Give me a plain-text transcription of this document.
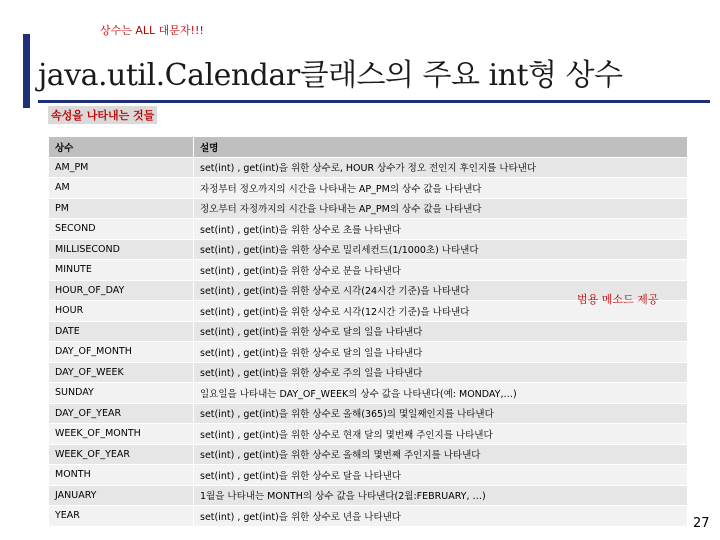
상수는 ALL 대문자!!!
java.util.Calendar클래스의 주요 int형 상수
속성을 나타내는 것들
상수	설명
AM_PM	set(int) , get(int)을 위한 상수로, HOUR 상수가 정오 전인지 후인지를 나타낸다
AM	자정부터 정오까지의 시간을 나타내는 AP_PM의 상수 값을 나타낸다
PM	정오부터 자정까지의 시간을 나타내는 AP_PM의 상수 값을 나타낸다
SECOND	set(int) , get(int)을 위한 상수로 초를 나타낸다
MILLISECOND	set(int) , get(int)을 위한 상수로 밀리세컨드(1/1000초) 나타낸다
MINUTE	set(int) , get(int)을 위한 상수로 분을 나타낸다
HOUR_OF_DAY	set(int) , get(int)을 위한 상수로 시각(24시간 기준)을 나타낸다
HOUR	set(int) , get(int)을 위한 상수로 시각(12시간 기준)을 나타낸다
DATE	set(int) , get(int)을 위한 상수로 달의 일을 나타낸다
DAY_OF_MONTH	set(int) , get(int)을 위한 상수로 달의 일을 나타낸다
DAY_OF_WEEK	set(int) , get(int)을 위한 상수로 주의 일을 나타낸다
SUNDAY	일요일을 나타내는 DAY_OF_WEEK의 상수 값을 나타낸다(예: MONDAY,…)
DAY_OF_YEAR	set(int) , get(int)을 위한 상수로 올해(365)의 몇일째인지를 나타낸다
WEEK_OF_MONTH	set(int) , get(int)을 위한 상수로 현재 달의 몇번째 주인지를 나타낸다
WEEK_OF_YEAR	set(int) , get(int)을 위한 상수로 올해의 몇번째 주인지를 나타낸다
MONTH	set(int) , get(int)을 위한 상수로 달을 나타낸다
JANUARY	1월을 나타내는 MONTH의 상수 값을 나타낸다(2월:FEBRUARY, …)
YEAR	set(int) , get(int)을 위한 상수로 년을 나타낸다
범용 메소드 제공
27
